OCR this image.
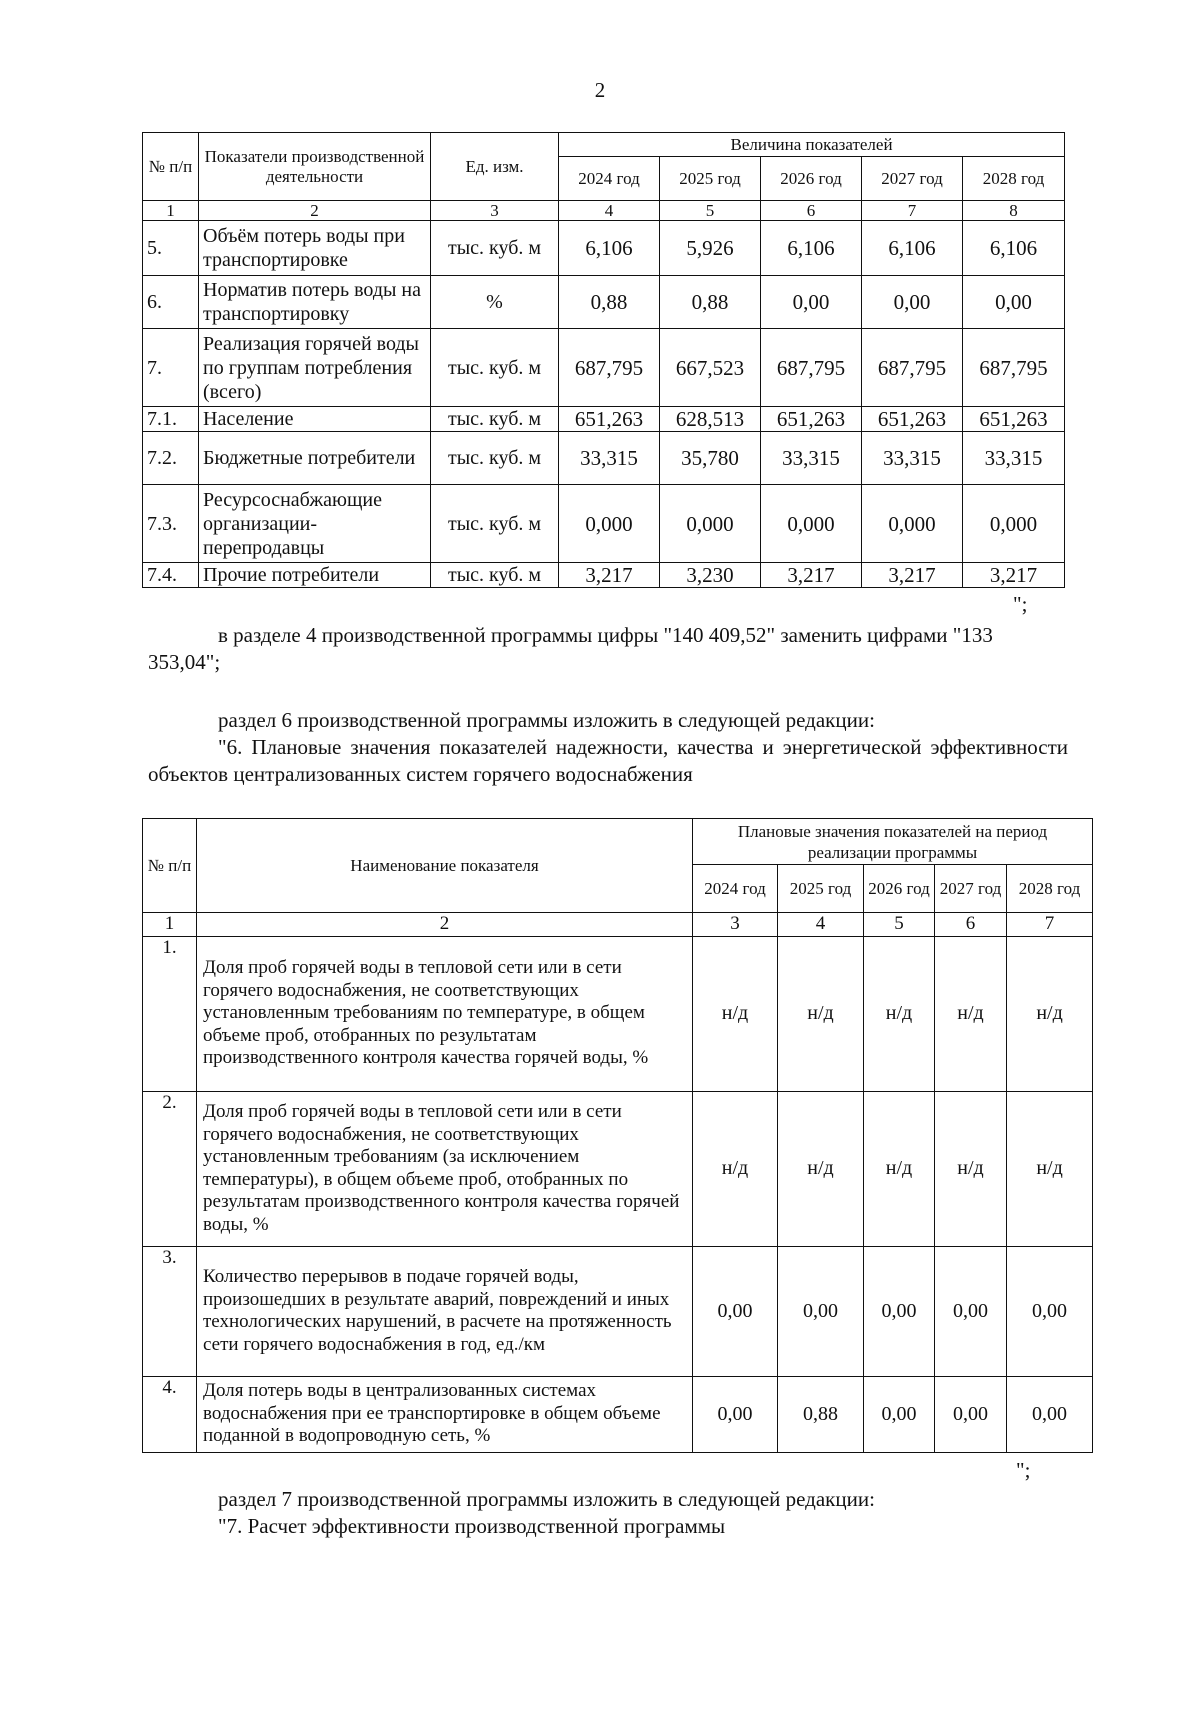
2
№ п/п	Показатели производственной деятельности	Ед. изм.	Величина показателей				
			2024 год	2025 год	2026 год	2027 год	2028 год
1	2	3	4	5	6	7	8
5.	Объём потерь воды при транспортировке	тыс. куб. м	6,106	5,926	6,106	6,106	6,106
6.	Норматив потерь воды на транспортировку	%	0,88	0,88	0,00	0,00	0,00
7.	Реализация горячей воды по группам потребления (всего)	тыс. куб. м	687,795	667,523	687,795	687,795	687,795
7.1.	Население	тыс. куб. м	651,263	628,513	651,263	651,263	651,263
7.2.	Бюджетные потребители	тыс. куб. м	33,315	35,780	33,315	33,315	33,315
7.3.	Ресурсоснабжающие организации-перепродавцы	тыс. куб. м	0,000	0,000	0,000	0,000	0,000
7.4.	Прочие потребители	тыс. куб. м	3,217	3,230	3,217	3,217	3,217
";
в разделе 4 производственной программы цифры "140 409,52" заменить цифрами "133 353,04";
раздел 6 производственной программы изложить в следующей редакции:
"6. Плановые значения показателей надежности, качества и энергетической эффективности объектов централизованных систем горячего водоснабжения
№ п/п	Наименование показателя	Плановые значения показателей на период реализации программы				
		2024 год	2025 год	2026 год	2027 год	2028 год
1	2	3	4	5	6	7
1.	Доля проб горячей воды в тепловой сети или в сети горячего водоснабжения, не соответствующих установленным требованиям по температуре, в общем объеме проб, отобранных по результатам производственного контроля качества горячей воды, %	н/д	н/д	н/д	н/д	н/д
2.	Доля проб горячей воды в тепловой сети или в сети горячего водоснабжения, не соответствующих установленным требованиям (за исключением температуры), в общем объеме проб, отобранных по результатам производственного контроля качества горячей воды, %	н/д	н/д	н/д	н/д	н/д
3.	Количество перерывов в подаче горячей воды, произошедших в результате аварий, повреждений и иных технологических нарушений, в расчете на протяженность сети горячего водоснабжения в год, ед./км	0,00	0,00	0,00	0,00	0,00
4.	Доля потерь воды в централизованных системах водоснабжения при ее транспортировке в общем объеме поданной в водопроводную сеть, %	0,00	0,88	0,00	0,00	0,00
";
раздел 7 производственной программы изложить в следующей редакции:
"7. Расчет эффективности производственной программы
